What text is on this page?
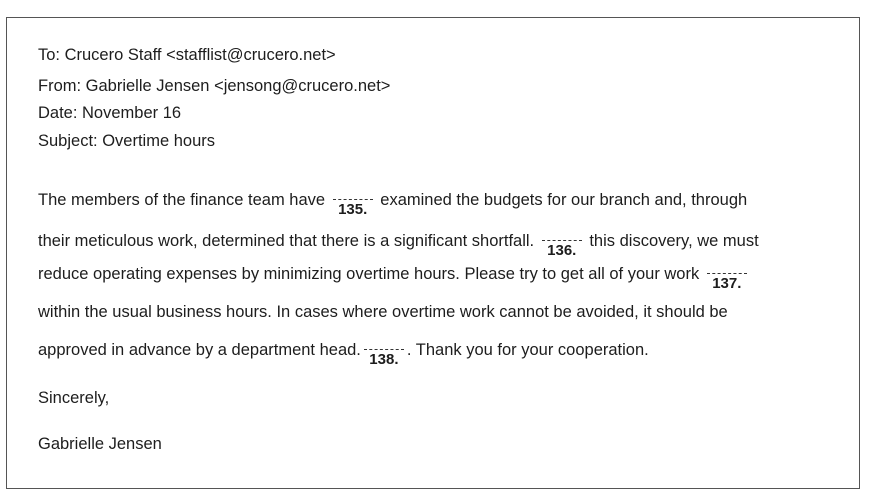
To: Crucero Staff <stafflist@crucero.net>
From: Gabrielle Jensen <jensong@crucero.net>
Date: November 16
Subject: Overtime hours
The members of the finance team have
135.
examined the budgets for our branch and, through
their meticulous work, determined that there is a significant shortfall.
136.
this discovery, we must
reduce operating expenses by minimizing overtime hours. Please try to get all of your work
137.
within the usual business hours. In cases where overtime work cannot be avoided, it should be
approved in advance by a department head.
138.
. Thank you for your cooperation.
Sincerely,
Gabrielle Jensen
